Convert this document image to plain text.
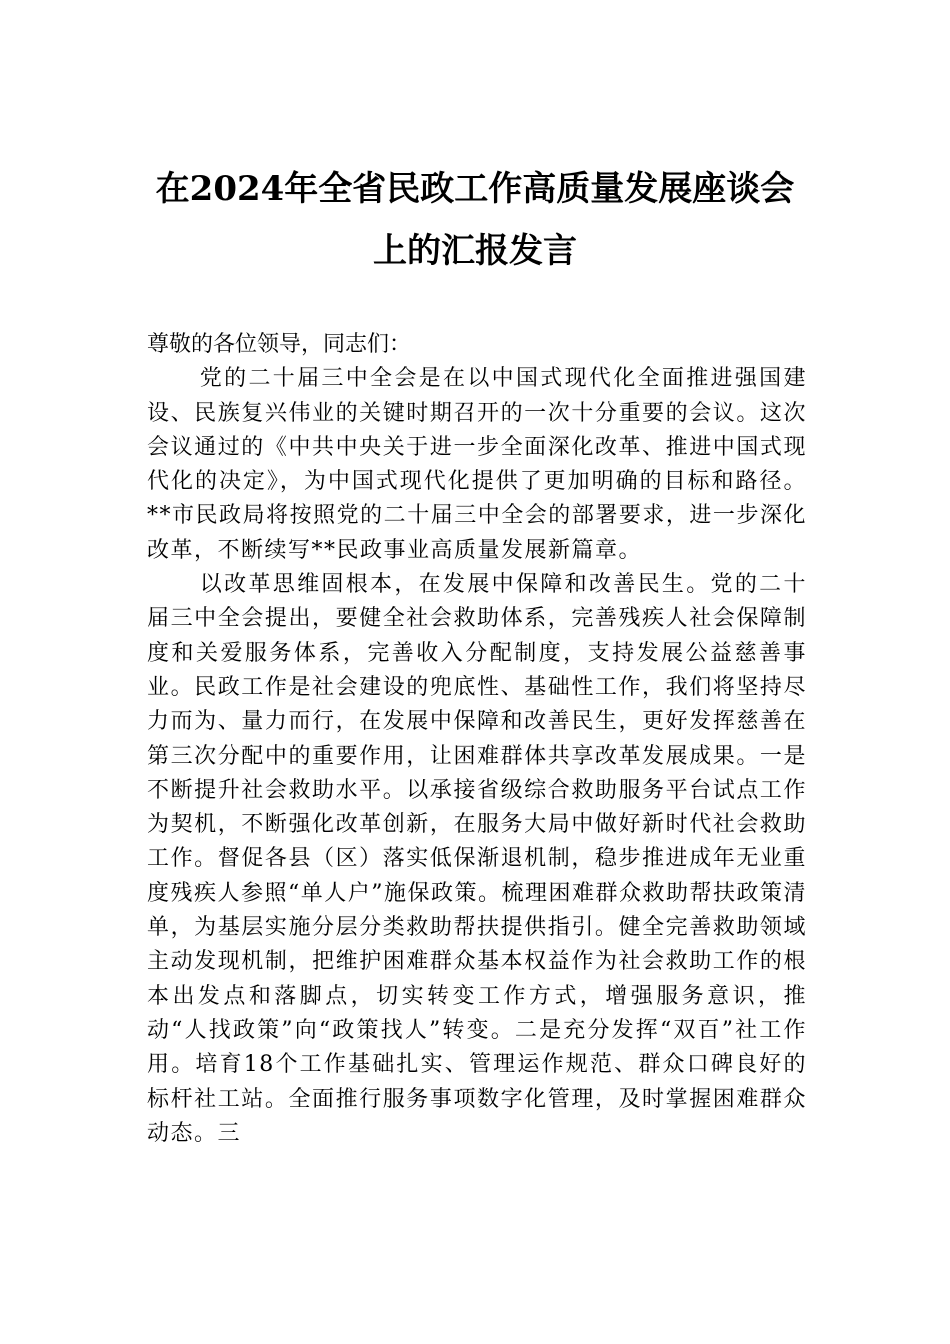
在2024年全省民政工作高质量发展座谈会
上的汇报发言

尊敬的各位领导，同志们：

党的二十届三中全会是在以中国式现代化全面推进强国建设、民族复兴伟业的关键时期召开的一次十分重要的会议。这次会议通过的《中共中央关于进一步全面深化改革、推进中国式现代化的决定》，为中国式现代化提供了更加明确的目标和路径。**市民政局将按照党的二十届三中全会的部署要求，进一步深化改革，不断续写**民政事业高质量发展新篇章。

以改革思维固根本，在发展中保障和改善民生。党的二十届三中全会提出，要健全社会救助体系，完善残疾人社会保障制度和关爱服务体系，完善收入分配制度，支持发展公益慈善事业。民政工作是社会建设的兜底性、基础性工作，我们将坚持尽力而为、量力而行，在发展中保障和改善民生，更好发挥慈善在第三次分配中的重要作用，让困难群体共享改革发展成果。一是不断提升社会救助水平。以承接省级综合救助服务平台试点工作为契机，不断强化改革创新，在服务大局中做好新时代社会救助工作。督促各县（区）落实低保渐退机制，稳步推进成年无业重度残疾人参照“单人户”施保政策。梳理困难群众救助帮扶政策清单，为基层实施分层分类救助帮扶提供指引。健全完善救助领域主动发现机制，把维护困难群众基本权益作为社会救助工作的根本出发点和落脚点，切实转变工作方式，增强服务意识，推动“人找政策”向“政策找人”转变。二是充分发挥“双百”社工作用。培育18个工作基础扎实、管理运作规范、群众口碑良好的标杆社工站。全面推行服务事项数字化管理，及时掌握困难群众动态。三
